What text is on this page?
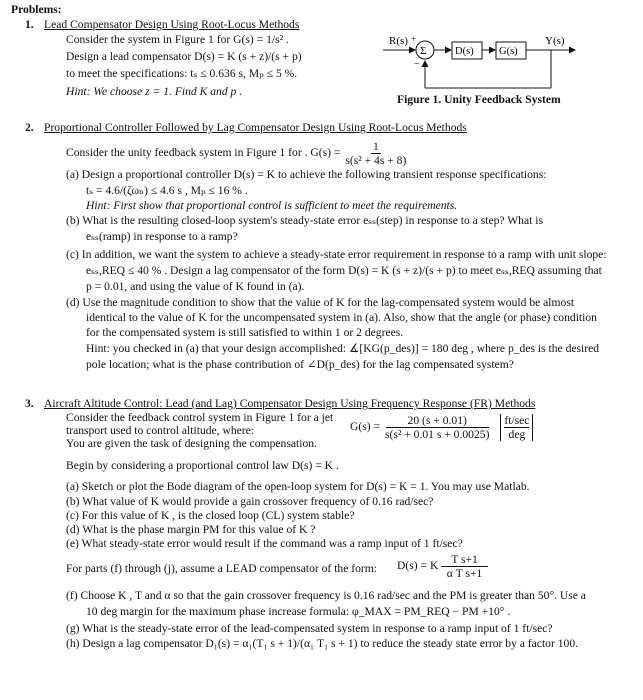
Problems:
1. Lead Compensator Design Using Root-Locus Methods
Consider the system in Figure 1 for G(s) = 1/s² .
Design a lead compensator D(s) = K (s + z)/(s + p)
to meet the specifications: tₛ ≤ 0.636 s, Mₚ ≤ 5 %.
Hint: We choose z = 1. Find K and p .
R(s)	Y(s)
Σ
+
−
D(s) G(s)
Figure 1. Unity Feedback System
2. Proportional Controller Followed by Lag Compensator Design Using Root-Locus Methods
Consider the unity feedback system in Figure 1 for . $G(s) = \frac{1}{\text{s(s² + 4s + 8)}}$
(a) Design a proportional controller D(s) = K to achieve the following transient response specifications:
tₛ = 4.6/(ζωₙ) ≤ 4.6 s , Mₚ ≤ 16 % .
Hint: First show that proportional control is sufficient to meet the requirements.
(b) What is the resulting closed-loop system's steady-state error eₛₛ(step) in response to a step? What is
eₛₛ(ramp) in response to a ramp?
(c) In addition, we want the system to achieve a steady-state error requirement in response to a ramp with unit slope:
eₛₛ,REQ ≤ 40 % . Design a lag compensator of the form D(s) = K (s + z)/(s + p) to meet eₛₛ,REQ assuming that
p = 0.01, and using the value of K found in (a).
(d) Use the magnitude condition to show that the value of K for the lag-compensated system would be almost
identical to the value of K for the uncompensated system in (a). Also, show that the angle (or phase) condition
for the compensated system is still satisfied to within 1 or 2 degrees.
Hint: you checked in (a) that your design accomplished: ∡[KG(p_des)] = 180 deg , where p_des is the desired
pole location; what is the phase contribution of ∠D(p_des) for the lag compensated system?
3. Aircraft Altitude Control: Lead (and Lag) Compensator Design Using Frequency Response (FR) Methods
Consider the feedback control system in Figure 1 for a jet
transport used to control altitude, where:
You are given the task of designing the compensation.
$G(s) = \frac{20 (s + 0.01)}{\text{s(s² + 0.01 s + 0.0025)}}$
ft/sec
deg
Begin by considering a proportional control law D(s) = K .
(a) Sketch or plot the Bode diagram of the open-loop system for D(s) = K = 1. You may use Matlab.
(b) What value of K would provide a gain crossover frequency of 0.16 rad/sec?
(c) For this value of K , is the closed loop (CL) system stable?
(d) What is the phase margin PM for this value of K ?
(e) What steady-state error would result if the command was a ramp input of 1 ft/sec?
For parts (f) through (j), assume a LEAD compensator of the form: D(s) = K $\frac{\text{T s+1}}{\text{α T s+1}}$
(f) Choose K , T and α so that the gain crossover frequency is 0.16 rad/sec and the PM is greater than 50°. Use a
10 deg margin for the maximum phase increase formula: φ_MAX = PM_REQ − PM +10° .
(g) What is the steady-state error of the lead-compensated system in response to a ramp input of 1 ft/sec?
(h) Design a lag compensator D₁(s) = α₁(T₁ s + 1)/(α₁ T₁ s + 1) to reduce the steady state error by a factor 100.
